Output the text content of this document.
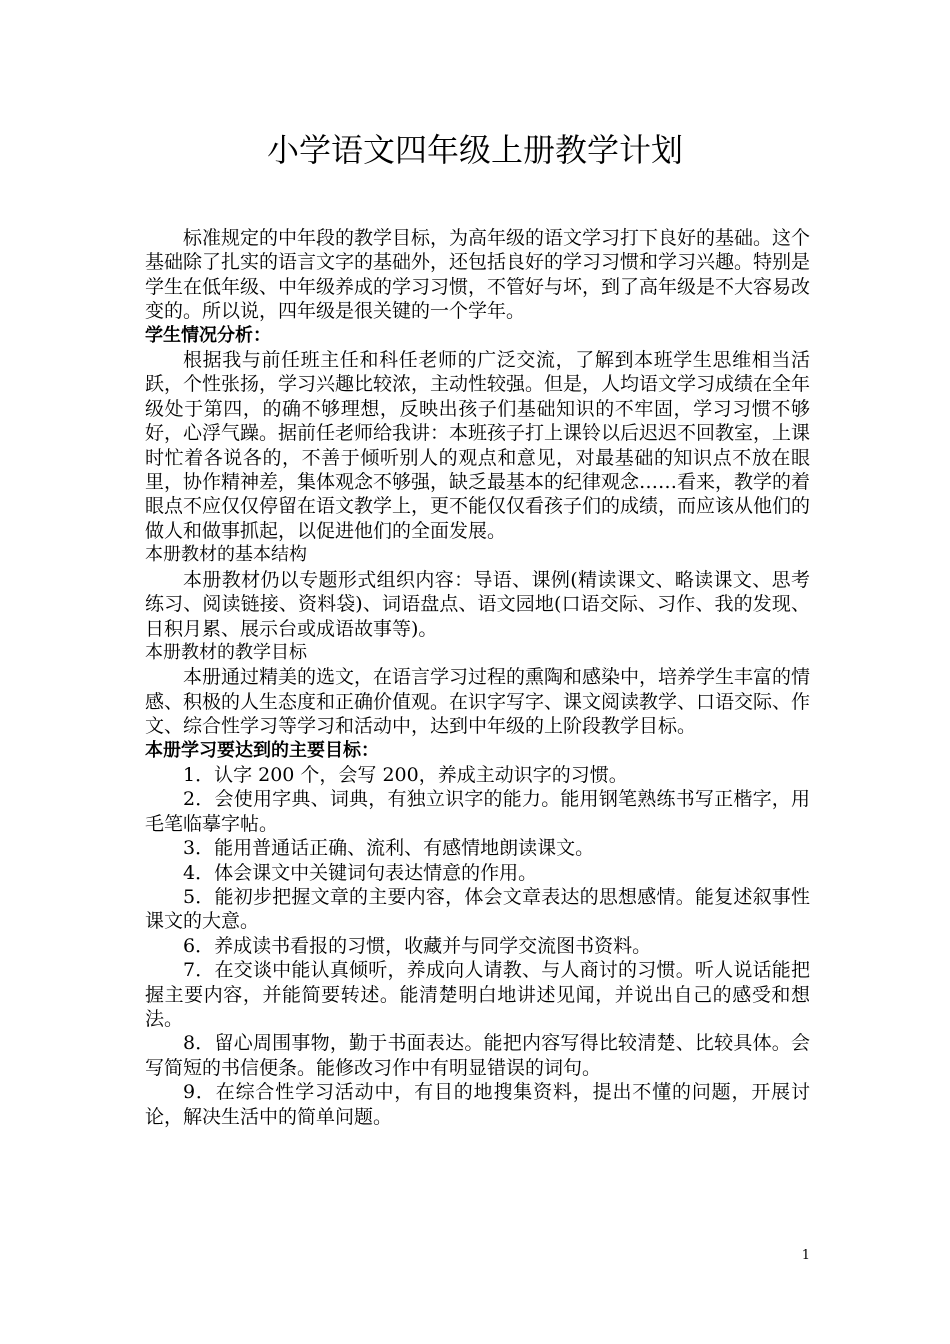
小学语文四年级上册教学计划

标准规定的中年段的教学目标，为高年级的语文学习打下良好的基础。这个基础除了扎实的语言文字的基础外，还包括良好的学习习惯和学习兴趣。特别是学生在低年级、中年级养成的学习习惯，不管好与坏，到了高年级是不大容易改变的。所以说，四年级是很关键的一个学年。

学生情况分析：

根据我与前任班主任和科任老师的广泛交流，了解到本班学生思维相当活跃，个性张扬，学习兴趣比较浓，主动性较强。但是，人均语文学习成绩在全年级处于第四，的确不够理想，反映出孩子们基础知识的不牢固，学习习惯不够好，心浮气躁。据前任老师给我讲：本班孩子打上课铃以后迟迟不回教室，上课时忙着各说各的，不善于倾听别人的观点和意见，对最基础的知识点不放在眼里，协作精神差，集体观念不够强，缺乏最基本的纪律观念……看来，教学的着眼点不应仅仅停留在语文教学上，更不能仅仅看孩子们的成绩，而应该从他们的做人和做事抓起，以促进他们的全面发展。

本册教材的基本结构

本册教材仍以专题形式组织内容：导语、课例(精读课文、略读课文、思考练习、阅读链接、资料袋)、词语盘点、语文园地(口语交际、习作、我的发现、日积月累、展示台或成语故事等)。

本册教材的教学目标

本册通过精美的选文，在语言学习过程的熏陶和感染中，培养学生丰富的情感、积极的人生态度和正确价值观。在识字写字、课文阅读教学、口语交际、作文、综合性学习等学习和活动中，达到中年级的上阶段教学目标。

本册学习要达到的主要目标：

1．认字 200 个，会写 200，养成主动识字的习惯。

2．会使用字典、词典，有独立识字的能力。能用钢笔熟练书写正楷字，用毛笔临摹字帖。

3．能用普通话正确、流利、有感情地朗读课文。

4．体会课文中关键词句表达情意的作用。

5．能初步把握文章的主要内容，体会文章表达的思想感情。能复述叙事性课文的大意。

6．养成读书看报的习惯，收藏并与同学交流图书资料。

7．在交谈中能认真倾听，养成向人请教、与人商讨的习惯。听人说话能把握主要内容，并能简要转述。能清楚明白地讲述见闻，并说出自己的感受和想法。

8．留心周围事物，勤于书面表达。能把内容写得比较清楚、比较具体。会写简短的书信便条。能修改习作中有明显错误的词句。

9．在综合性学习活动中，有目的地搜集资料，提出不懂的问题，开展讨论，解决生活中的简单问题。

1
